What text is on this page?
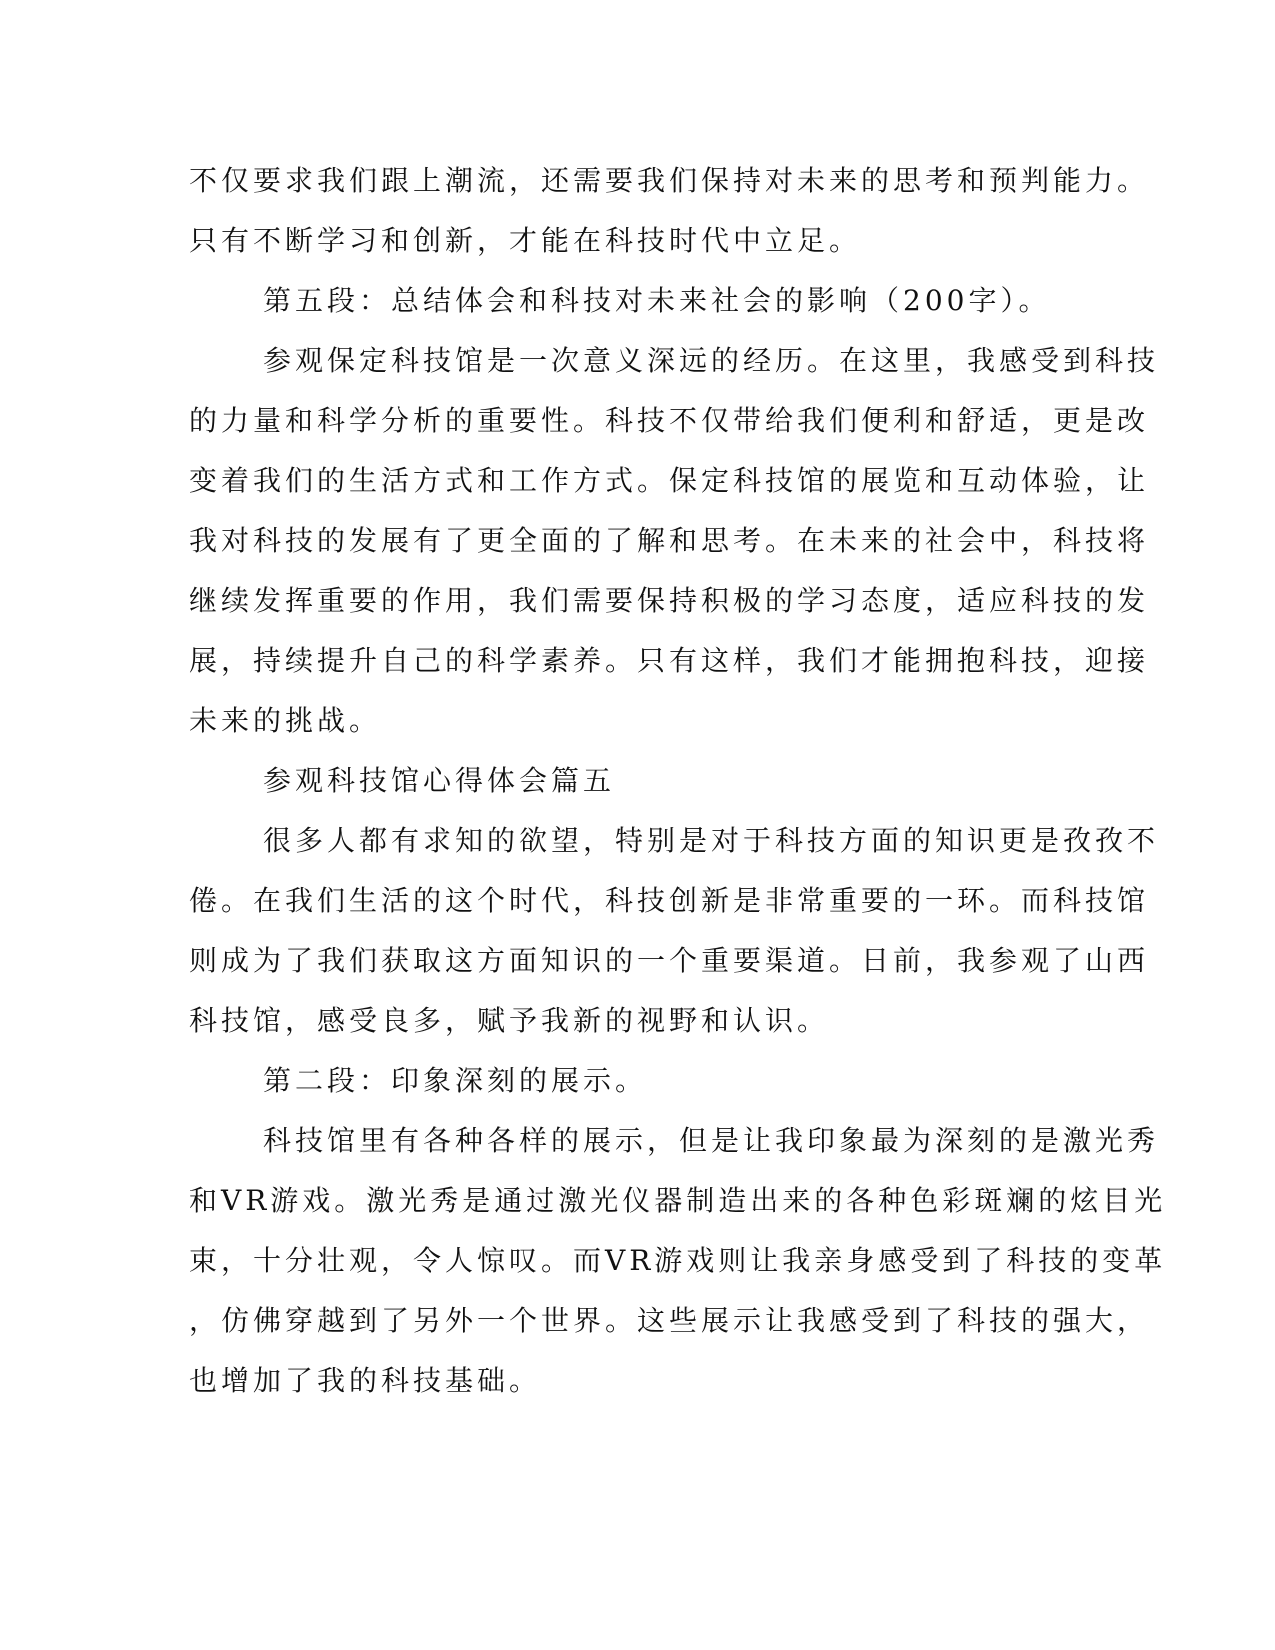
不仅要求我们跟上潮流，还需要我们保持对未来的思考和预判能力。
只有不断学习和创新，才能在科技时代中立足。
第五段：总结体会和科技对未来社会的影响（200字）。
参观保定科技馆是一次意义深远的经历。在这里，我感受到科技
的力量和科学分析的重要性。科技不仅带给我们便利和舒适，更是改
变着我们的生活方式和工作方式。保定科技馆的展览和互动体验，让
我对科技的发展有了更全面的了解和思考。在未来的社会中，科技将
继续发挥重要的作用，我们需要保持积极的学习态度，适应科技的发
展，持续提升自己的科学素养。只有这样，我们才能拥抱科技，迎接
未来的挑战。
参观科技馆心得体会篇五
很多人都有求知的欲望，特别是对于科技方面的知识更是孜孜不
倦。在我们生活的这个时代，科技创新是非常重要的一环。而科技馆
则成为了我们获取这方面知识的一个重要渠道。日前，我参观了山西
科技馆，感受良多，赋予我新的视野和认识。
第二段：印象深刻的展示。
科技馆里有各种各样的展示，但是让我印象最为深刻的是激光秀
和VR游戏。激光秀是通过激光仪器制造出来的各种色彩斑斓的炫目光
束，十分壮观，令人惊叹。而VR游戏则让我亲身感受到了科技的变革
，仿佛穿越到了另外一个世界。这些展示让我感受到了科技的强大，
也增加了我的科技基础。
